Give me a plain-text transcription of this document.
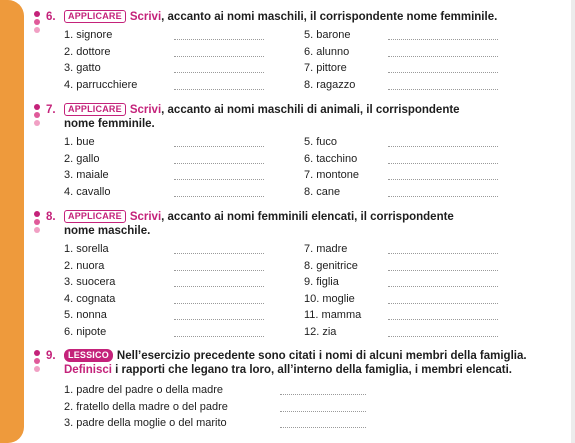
6.	APPLICARE Scrivi, accanto ai nomi maschili, il corrispondente nome femminile.
1. signore	5. barone
2. dottore	6. alunno
3. gatto	7. pittore
4. parrucchiere	8. ragazzo
7.	APPLICARE Scrivi, accanto ai nomi maschili di animali, il corrispondente nome femminile.
1. bue	5. fuco
2. gallo	6. tacchino
3. maiale	7. montone
4. cavallo	8. cane
8.	APPLICARE Scrivi, accanto ai nomi femminili elencati, il corrispondente nome maschile.
1. sorella	7. madre
2. nuora	8. genitrice
3. suocera	9. figlia
4. cognata	10. moglie
5. nonna	11. mamma
6. nipote	12. zia
9.	LESSICO Nell’esercizio precedente sono citati i nomi di alcuni membri della famiglia.
Definisci i rapporti che legano tra loro, all’interno della famiglia, i membri elencati.
1. padre del padre o della madre
2. fratello della madre o del padre
3. padre della moglie o del marito
